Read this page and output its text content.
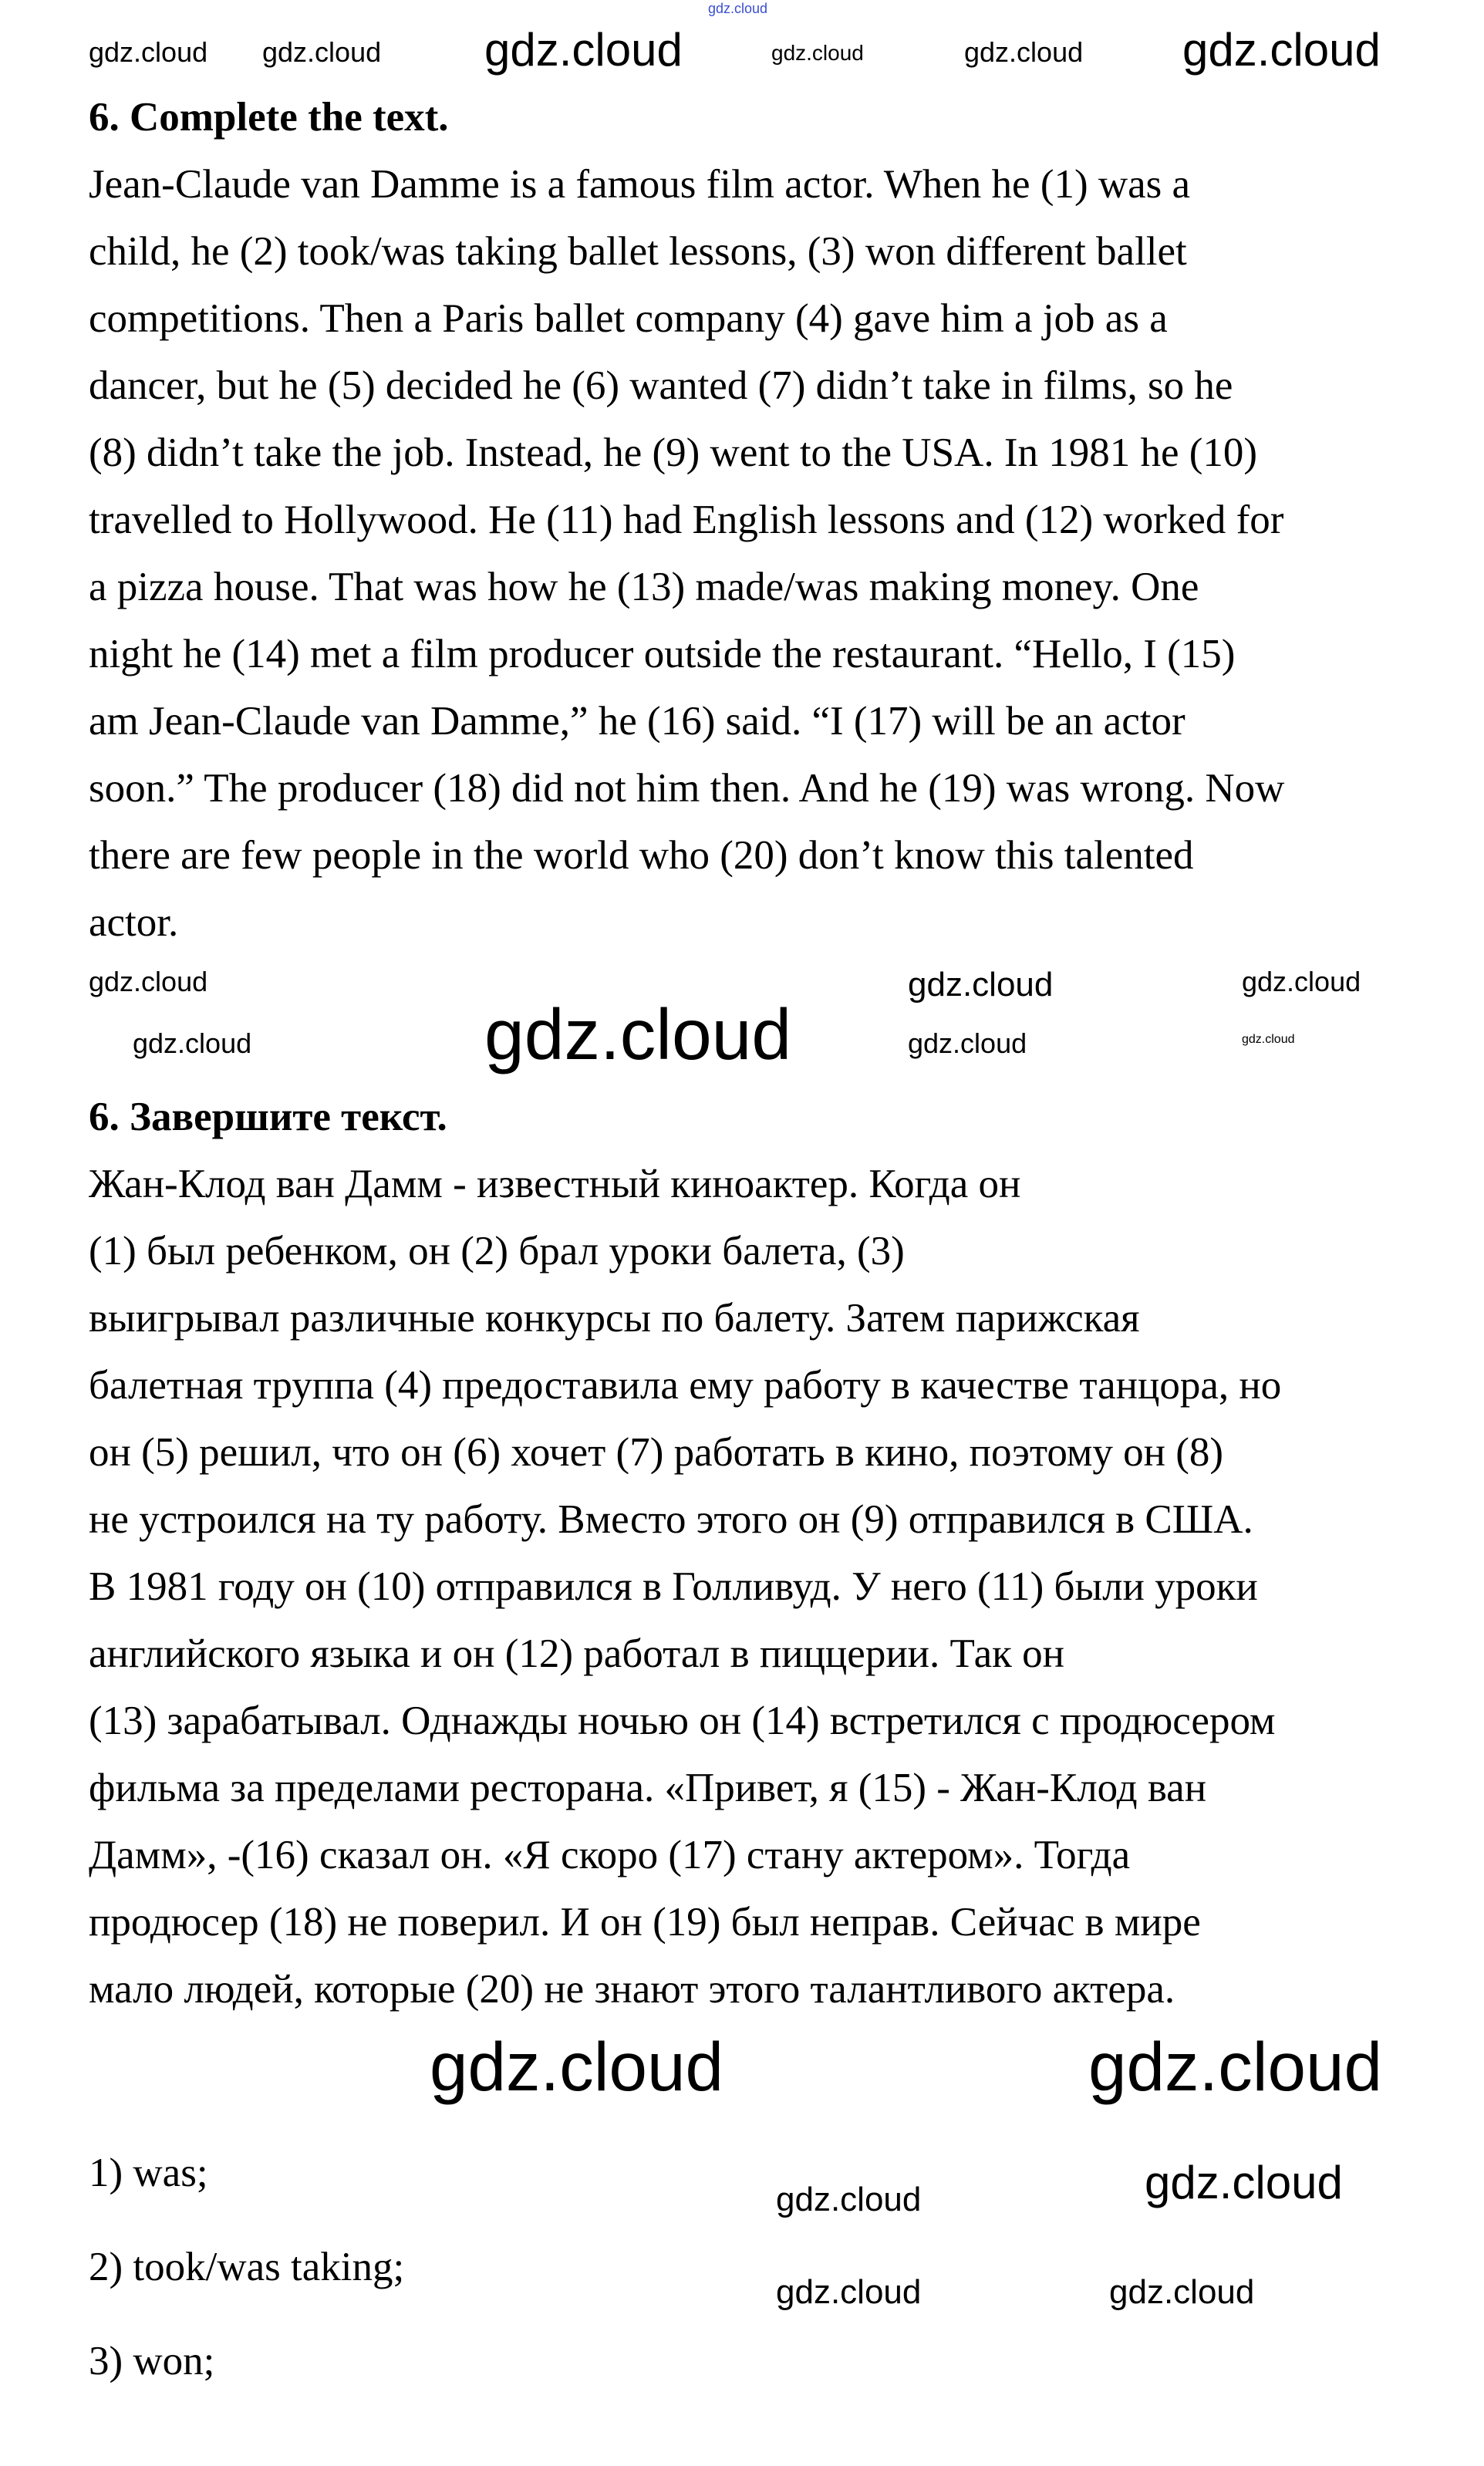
gdz.cloud
6. Complete the text.
Jean-Claude van Damme is a famous film actor. When he (1) was a
child, he (2) took/was taking ballet lessons, (3) won different ballet
competitions. Then a Paris ballet company (4) gave him a job as a
dancer, but he (5) decided he (6) wanted (7) didn’t take in films, so he
(8) didn’t take the job. Instead, he (9) went to the USA. In 1981 he (10)
travelled to Hollywood. He (11) had English lessons and (12) worked for
a pizza house. That was how he (13) made/was making money. One
night he (14) met a film producer outside the restaurant. “Hello, I (15)
am Jean-Claude van Damme,” he (16) said. “I (17) will be an actor
soon.” The producer (18) did not him then. And he (19) was wrong. Now
there are few people in the world who (20) don’t know this talented
actor.
6. Завершите текст.
Жан-Клод ван Дамм - известный киноактер. Когда он
(1) был ребенком, он (2) брал уроки балета, (3)
выигрывал различные конкурсы по балету. Затем парижская
балетная труппа (4) предоставила ему работу в качестве танцора, но
он (5) решил, что он (6) хочет (7) работать в кино, поэтому он (8)
не устроился на ту работу. Вместо этого он (9) отправился в США.
В 1981 году он (10) отправился в Голливуд. У него (11) были уроки
английского языка и он (12) работал в пиццерии. Так он
(13) зарабатывал. Однажды ночью он (14) встретился с продюсером
фильма за пределами ресторана. «Привет, я (15) - Жан-Клод ван
Дамм», -(16) сказал он. «Я скоро (17) стану актером». Тогда
продюсер (18) не поверил. И он (19) был неправ. Сейчас в мире
мало людей, которые (20) не знают этого талантливого актера.
1) was;
2) took/was taking;
3) won;
gdz.cloud	gdz.cloud
gdz.cloud gdz.cloud	gdz.cloud	gdz.cloud
gdz.cloud	gdz.cloud	gdz.cloud
gdz.cloud	gdz.cloud	gdz.cloud
gdz.cloud
gdz.cloud	gdz.cloud
gdz.cloud
gdz.cloud
gdz.cloud	gdz.cloud
